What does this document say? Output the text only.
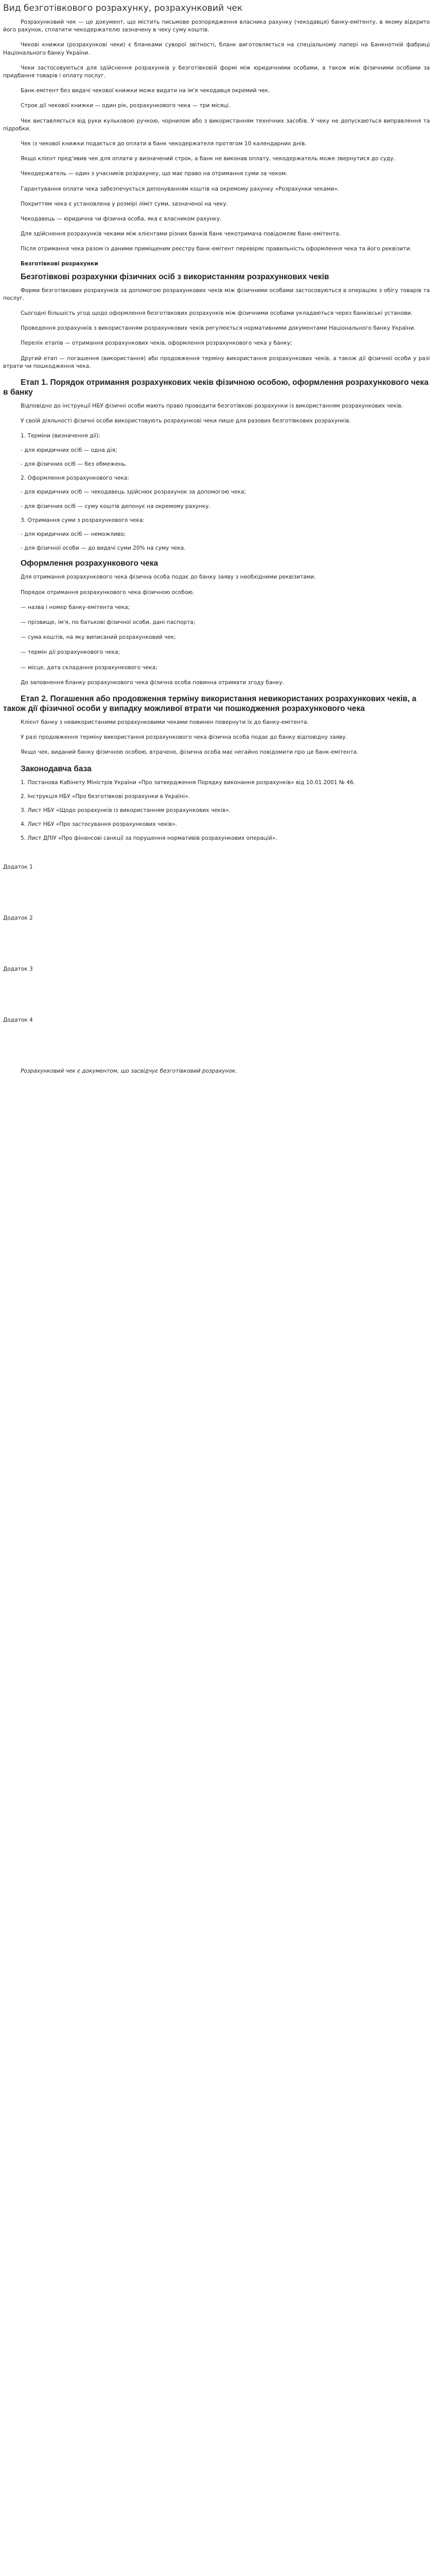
Вид безготівкового розрахунку, розрахунковий чек

Розрахунковий чек — це документ, що містить письмове розпорядження власника рахунку (чекодавця) банку-емітенту, в якому відкрито його рахунок, сплатити чекодержателю зазначену в чеку суму коштів.

Чекові книжки (розрахункові чеки) є бланками суворої звітності, бланк виготовляється на спеціальному папері на Банкнотній фабриці Національного банку України.

Чеки застосовуються для здійснення розрахунків у безготівковій формі між юридичними особами, а також між фізичними особами за придбання товарів і оплату послуг.

Банк-емітент без видачі чекової книжки може видати на ім'я чекодавця окремий чек.

Строк дії чекової книжки — один рік, розрахункового чека — три місяці.

Чек виставляється від руки кульковою ручкою, чорнилом або з використанням технічних засобів. У чеку не допускаються виправлення та підробки.

Чек із чекової книжки подається до оплати в банк чекодержателя протягом 10 календарних днів.

Якщо клієнт пред'явив чек для оплати у визначений строк, а банк не виконав оплату, чекодержатель може звернутися до суду.

Чекодержатель — один з учасників розрахунку, що має право на отримання суми за чеком.

Гарантування оплати чека забезпечується депонуванням коштів на окремому рахунку «Розрахунки чеками».

Покриттям чека є установлена у розмірі ліміт суми, зазначеної на чеку.

Чекодавець — юридична чи фізична особа, яка є власником рахунку.

Для здійснення розрахунків чеками між клієнтами різних банків банк чекотримача повідомляє банк-емітента.

Після отримання чека разом із даними приміщеним реєстру банк-емітент перевіряє правильність оформлення чека та його реквізити.

Безготівкові розрахунки
Безготівкові розрахунки фізичних осіб з використанням розрахункових чеків

Форми безготівкових розрахунків за допомогою розрахункових чеків між фізичними особами застосовуються в операціях з обігу товарів та послуг.

Сьогодні більшість угод щодо оформлення безготівкових розрахунків між фізичними особами укладаються через банківські установи.

Проведення розрахунків з використанням розрахункових чеків регулюється нормативними документами Національного банку України.

Перелік етапів — отримання розрахункових чеків, оформлення розрахункового чека у банку;

Другий етап — погашення (використання) або продовження терміну використання розрахункових чеків, а також дії фізичної особи у разі втрати чи пошкодження чека.

Етап 1. Порядок отримання розрахункових чеків фізичною особою, оформлення розрахункового чека в банку

Відповідно до інструкції НБУ фізичні особи мають право проводити безготівкові розрахунки із використанням розрахункових чеків.

У своїй діяльності фізичні особи використовують розрахункові чеки лише для разових безготівкових розрахунків.

1. Терміни (визначення дії):
- для юридичних осіб — одна дія;
- для фізичних осіб — без обмежень.
2. Оформлення розрахункового чека:
- для юридичних осіб — чекодавець здійснює розрахунок за допомогою чека;
- для фізичних осіб — суму коштів депонує на окремому рахунку.
3. Отримання суми з розрахункового чека:
- для юридичних осіб — неможливо;
- для фізичної особи — до видачі суми 20% на суму чека.
Оформлення розрахункового чека

Для отримання розрахункового чека фізична особа подає до банку заяву з необхідними реквізитами.

Порядок отримання розрахункового чека фізичною особою.

— назва і номер банку-емітента чека;

— прізвище, ім'я, по батькові фізичної особи, дані паспорта;

— сума коштів, на яку виписаний розрахунковий чек;

— термін дії розрахункового чека;

— місце, дата складання розрахункового чека;

До заповнення бланку розрахункового чека фізична особа повинна отримати згоду банку.

Етап 2. Погашення або продовження терміну використання невикористаних розрахункових чеків, а також дії фізичної особи у випадку можливої втрати чи пошкодження розрахункового чека

Клієнт банку з невикористаними розрахунковими чеками повинен повернути їх до банку-емітента.

У разі продовження терміну використання розрахункового чека фізична особа подає до банку відповідну заяву.

Якщо чек, виданий банку фізичною особою, втрачено, фізична особа має негайно повідомити про це банк-емітента.

Законодавча база
1. Постанова Кабінету Міністрів України «Про затвердження Порядку виконання розрахунків» від 10.01.2001 № 46.
2. Інструкція НБУ «Про безготівкові розрахунки в Україні».
3. Лист НБУ «Щодо розрахунків із використанням розрахункових чеків».
4. Лист НБУ «Про застосування розрахункових чеків».
5. Лист ДПІУ «Про фінансові санкції за порушення нормативів розрахункових операцій».
Додаток 1
Додаток 2
Додаток 3
Додаток 4

Розрахунковий чек є документом, що засвідчує безготівковий розрахунок.
